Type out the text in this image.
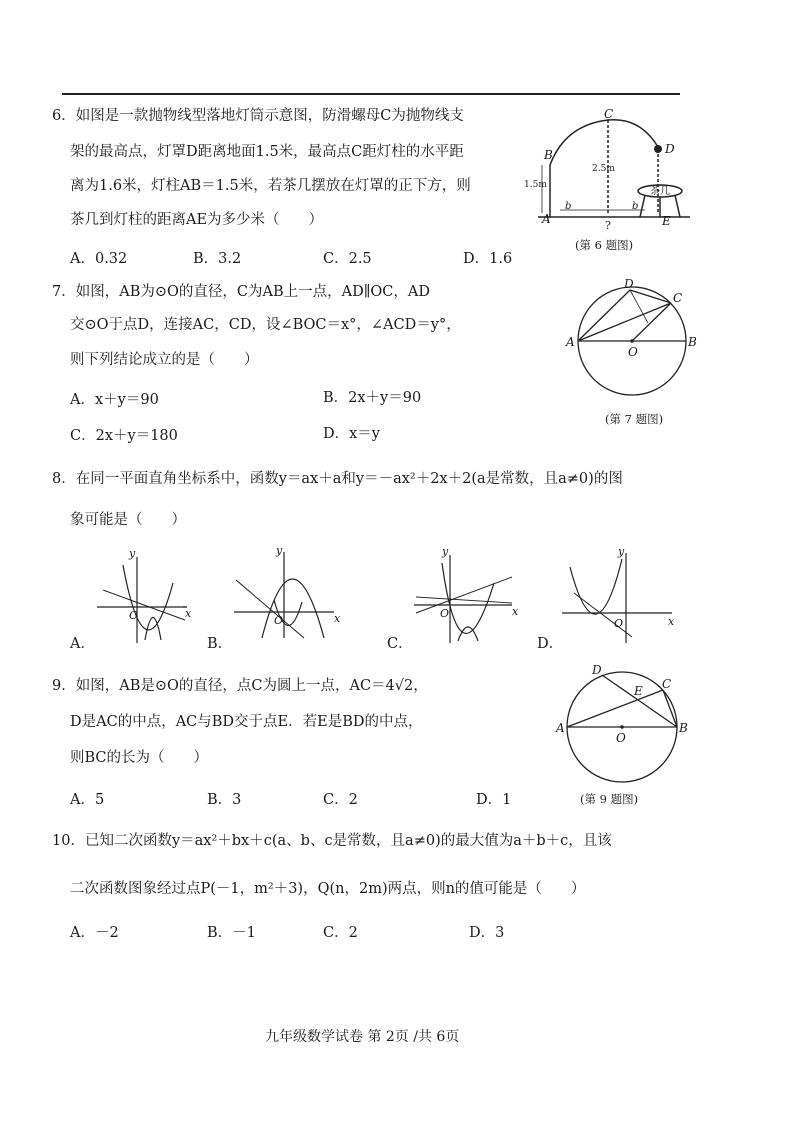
6．如图是一款抛物线型落地灯筒示意图，防滑螺母C为抛物线支
架的最高点，灯罩D距离地面1.5米，最高点C距灯柱的水平距
离为1.6米，灯柱AB＝1.5米，若茶几摆放在灯罩的正下方，则
茶几到灯柱的距离AE为多少米（　　）
A．0.32	B．3.2	C．2.5	D．1.6
C
B	D
A	E
b	b
1.5m
2.5m
?
茶几
(第 6 题图)
7．如图，AB为⊙O的直径，C为AB上一点，AD∥OC，AD
交⊙O于点D，连接AC，CD，设∠BOC＝x°，∠ACD＝y°，
则下列结论成立的是（　　）
A．x＋y＝90	B．2x＋y＝90
C．2x＋y＝180	D．x＝y
D
C
A
O
B
(第 7 题图)
8．在同一平面直角坐标系中，函数y＝ax＋a和y＝－ax²＋2x＋2(a是常数，且a≠0)的图
象可能是（　　）
y
x
O
A．
y
x
O
B．
y
x
O
C．
y
x
O
D．
9．如图，AB是⊙O的直径，点C为圆上一点，AC＝4√2，
D是AC的中点，AC与BD交于点E．若E是BD的中点，
则BC的长为（　　）
A．5	B．3	C．2	D．1
D
E C
A
O
B
(第 9 题图)
10．已知二次函数y＝ax²＋bx＋c(a、b、c是常数，且a≠0)的最大值为a＋b＋c，且该
二次函数图象经过点P(－1，m²＋3)，Q(n，2m)两点，则n的值可能是（　　）
A．－2	B．－1	C．2	D．3
九年级数学试卷 第 2页 /共 6页
